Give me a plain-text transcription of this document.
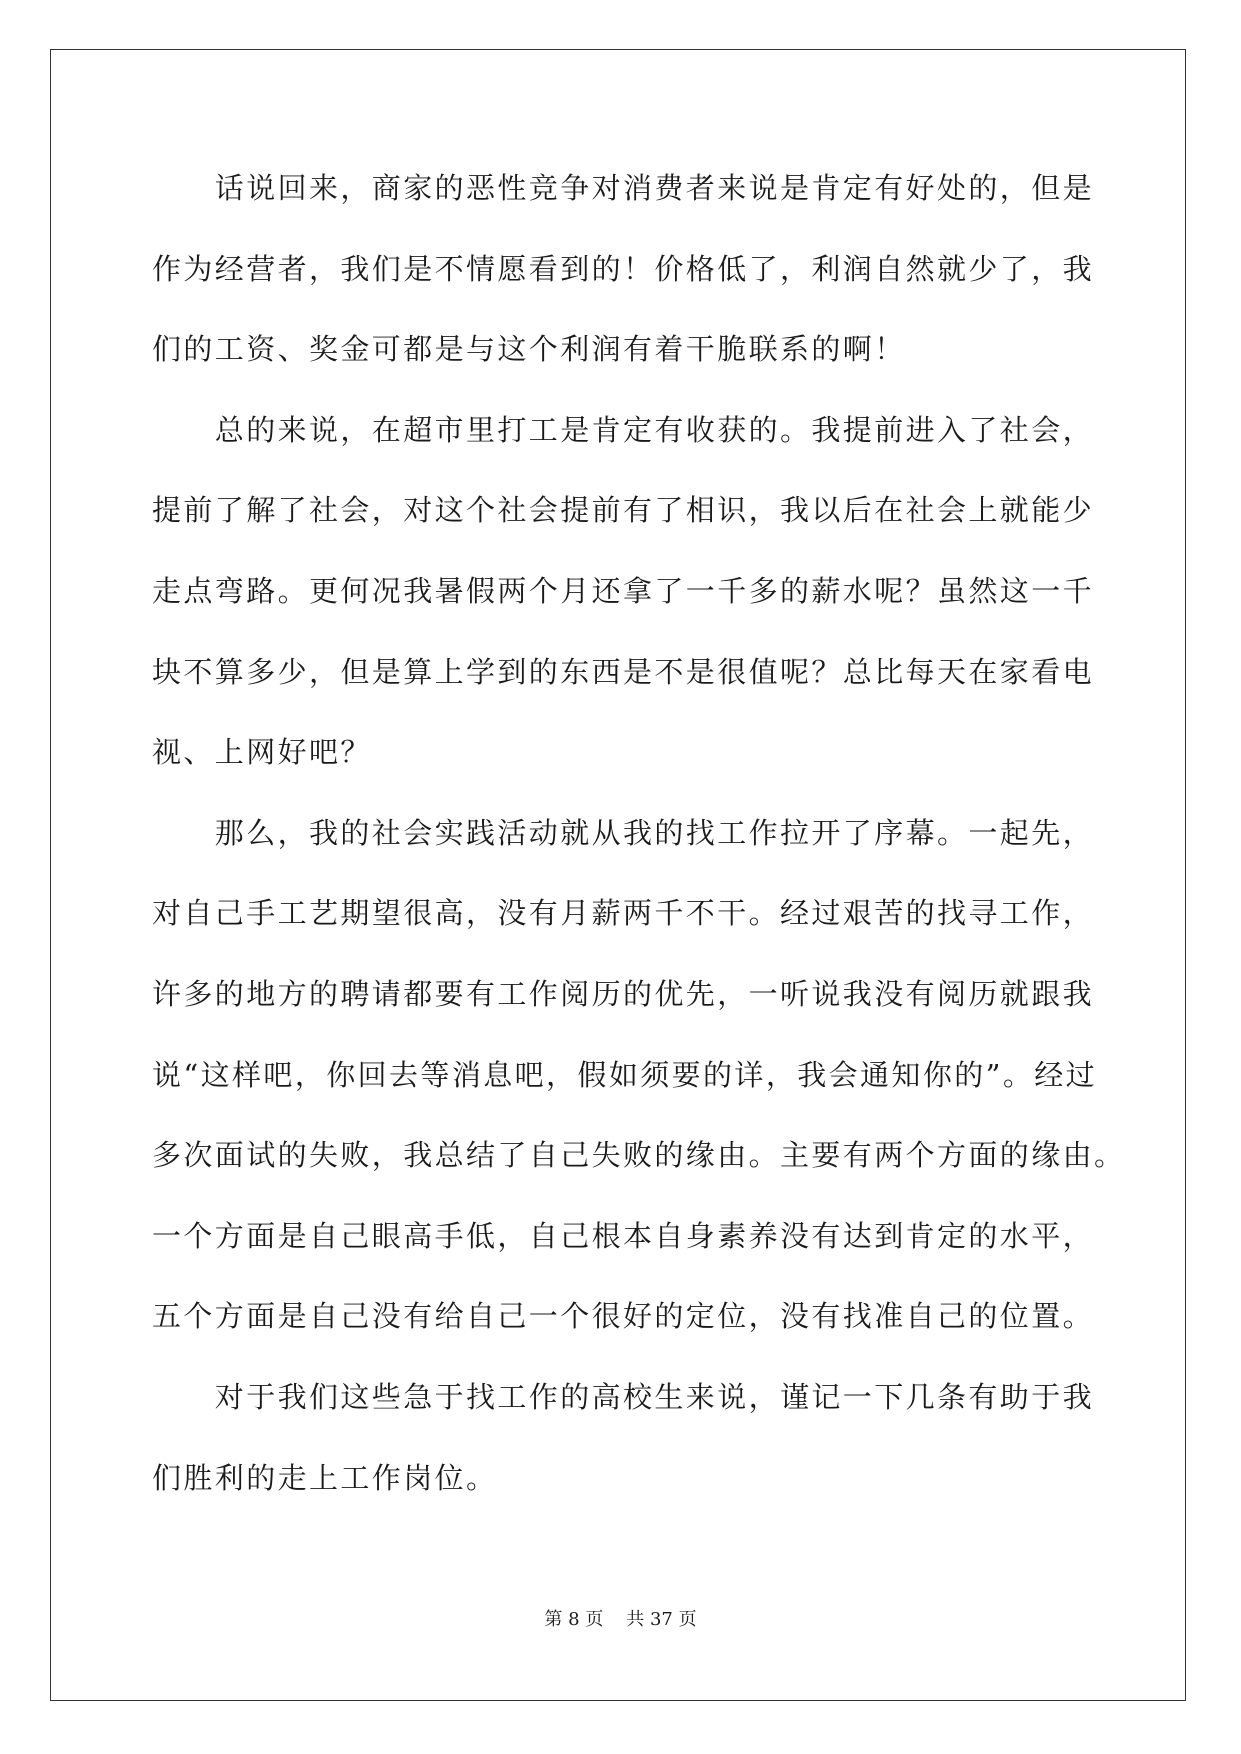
　　话说回来，商家的恶性竞争对消费者来说是肯定有好处的，但是
作为经营者，我们是不情愿看到的！价格低了，利润自然就少了，我
们的工资、奖金可都是与这个利润有着干脆联系的啊！
　　总的来说，在超市里打工是肯定有收获的。我提前进入了社会，
提前了解了社会，对这个社会提前有了相识，我以后在社会上就能少
走点弯路。更何况我暑假两个月还拿了一千多的薪水呢？虽然这一千
块不算多少，但是算上学到的东西是不是很值呢？总比每天在家看电
视、上网好吧？
　　那么，我的社会实践活动就从我的找工作拉开了序幕。一起先，
对自己手工艺期望很高，没有月薪两千不干。经过艰苦的找寻工作，
许多的地方的聘请都要有工作阅历的优先，一听说我没有阅历就跟我
说“这样吧，你回去等消息吧，假如须要的详，我会通知你的”。经过
多次面试的失败，我总结了自己失败的缘由。主要有两个方面的缘由。
一个方面是自己眼高手低，自己根本自身素养没有达到肯定的水平，
五个方面是自己没有给自己一个很好的定位，没有找准自己的位置。
　　对于我们这些急于找工作的高校生来说，谨记一下几条有助于我
们胜利的走上工作岗位。
第 8 页 共 37 页
